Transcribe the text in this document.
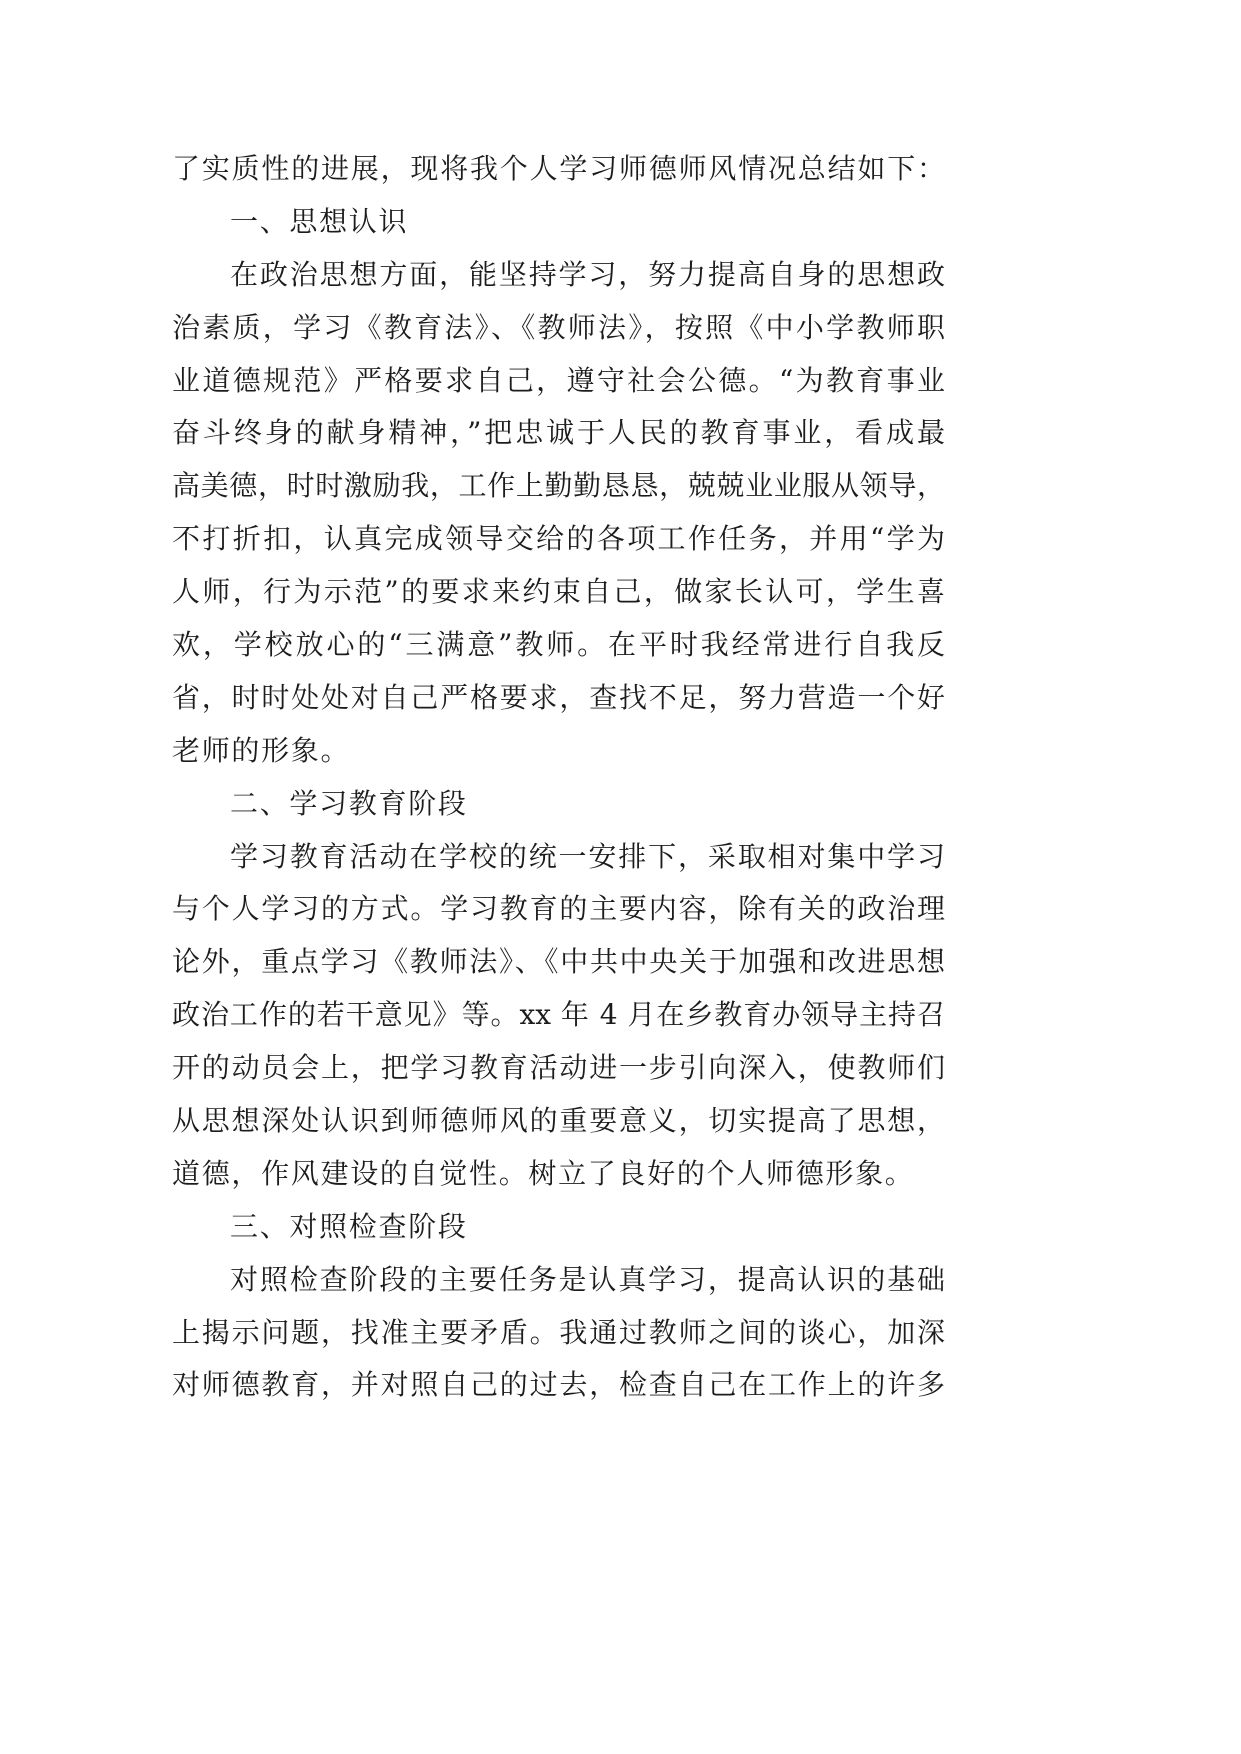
了实质性的进展，现将我个人学习师德师风情况总结如下：
一、思想认识
在政治思想方面，能坚持学习，努力提高自身的思想政
治素质，学习《教育法》、《教师法》，按照《中小学教师职
业道德规范》严格要求自己，遵守社会公德。“为教育事业
奋斗终身的献身精神，”把忠诚于人民的教育事业，看成最
高美德，时时激励我，工作上勤勤恳恳，兢兢业业服从领导，
不打折扣，认真完成领导交给的各项工作任务，并用“学为
人师，行为示范”的要求来约束自己，做家长认可，学生喜
欢，学校放心的“三满意”教师。在平时我经常进行自我反
省，时时处处对自己严格要求，查找不足，努力营造一个好
老师的形象。
二、学习教育阶段
学习教育活动在学校的统一安排下，采取相对集中学习
与个人学习的方式。学习教育的主要内容，除有关的政治理
论外，重点学习《教师法》、《中共中央关于加强和改进思想
政治工作的若干意见》等。xx 年 4 月在乡教育办领导主持召
开的动员会上，把学习教育活动进一步引向深入，使教师们
从思想深处认识到师德师风的重要意义，切实提高了思想，
道德，作风建设的自觉性。树立了良好的个人师德形象。
三、对照检查阶段
对照检查阶段的主要任务是认真学习，提高认识的基础
上揭示问题，找准主要矛盾。我通过教师之间的谈心，加深
对师德教育，并对照自己的过去，检查自己在工作上的许多
